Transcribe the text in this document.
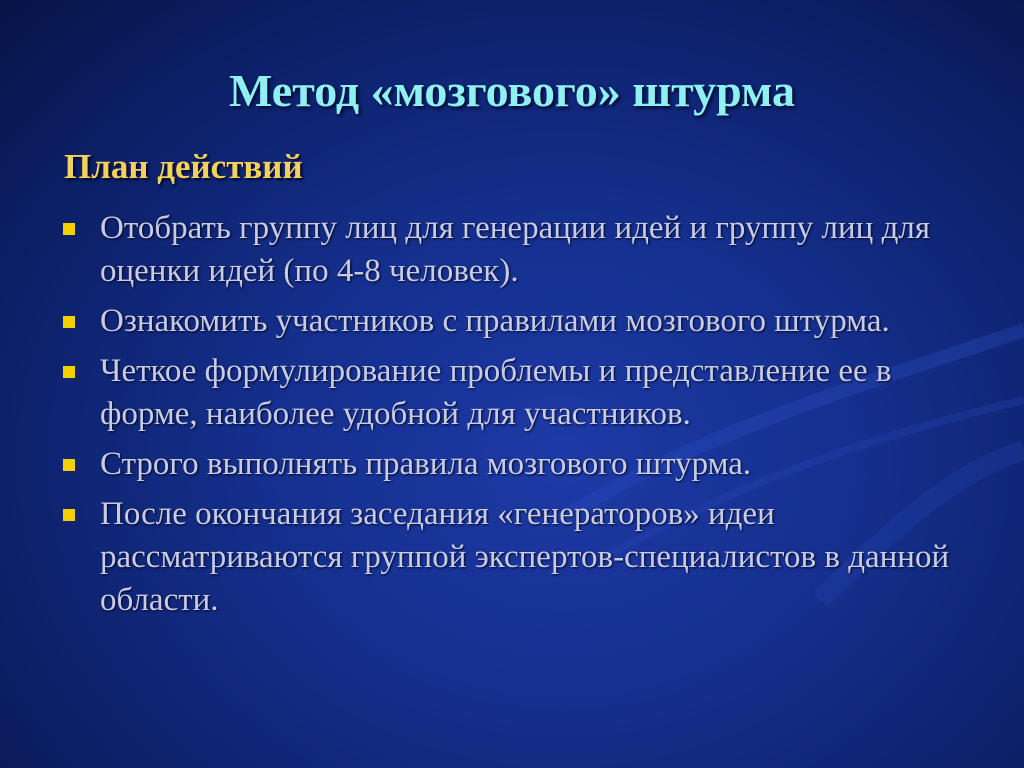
Метод «мозгового» штурма
План действий
Отобрать группу лиц для генерации идей и группу лиц для оценки идей (по 4-8 человек).
Ознакомить участников с правилами мозгового штурма.
Четкое формулирование проблемы и представление ее в форме, наиболее удобной для участников.
Строго выполнять правила мозгового штурма.
После окончания заседания «генераторов» идеи рассматриваются группой экспертов-специалистов в данной области.
